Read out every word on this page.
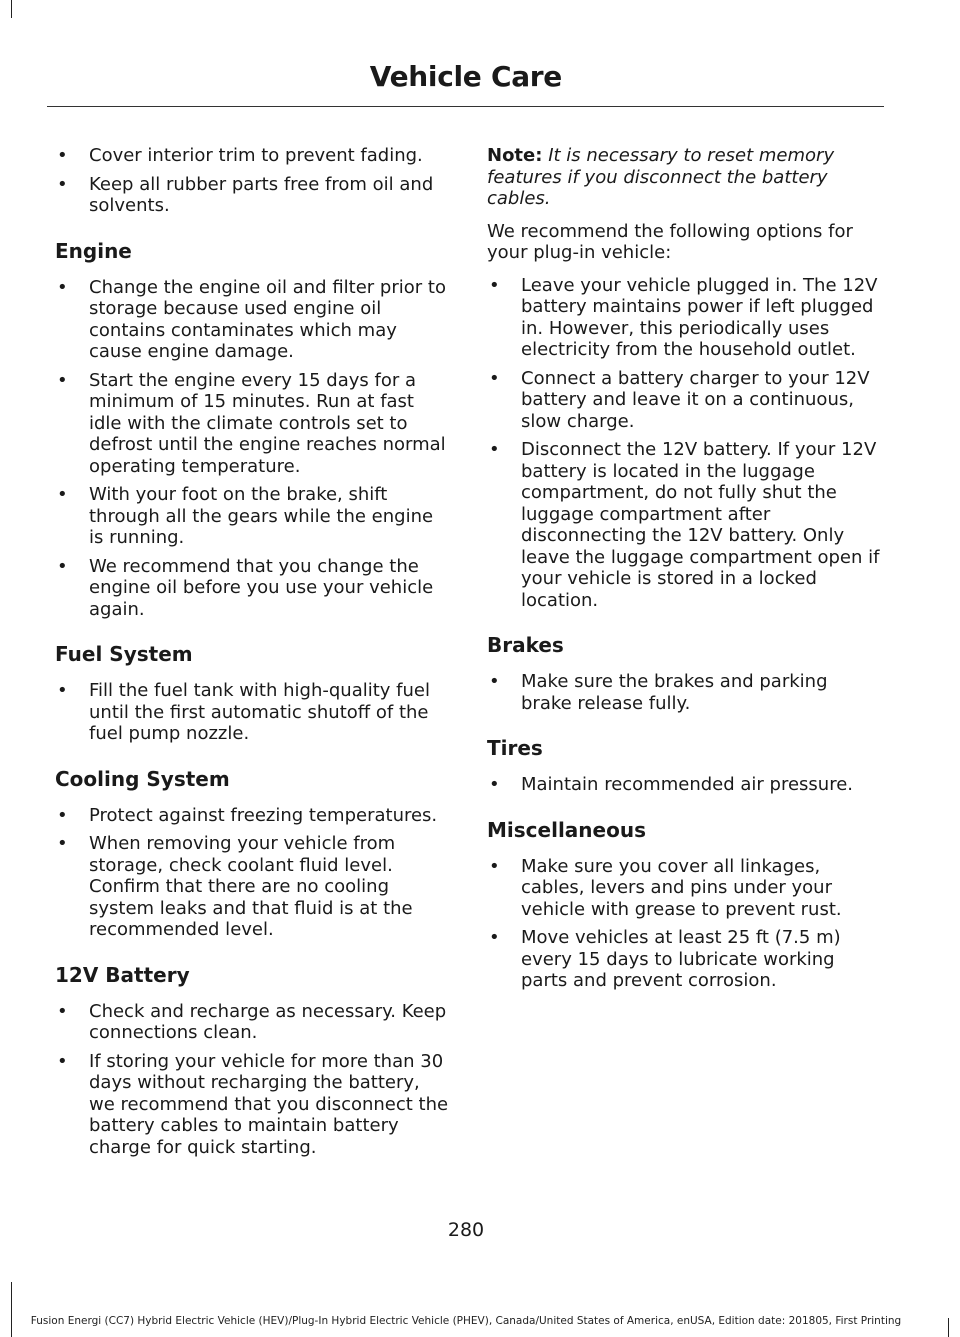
Vehicle Care
• Cover interior trim to prevent fading.
• Keep all rubber parts free from oil and solvents.
Engine
• Change the engine oil and filter prior to storage because used engine oil contains contaminates which may cause engine damage.
• Start the engine every 15 days for a minimum of 15 minutes. Run at fast idle with the climate controls set to defrost until the engine reaches normal operating temperature.
• With your foot on the brake, shift through all the gears while the engine is running.
• We recommend that you change the engine oil before you use your vehicle again.
Fuel System
• Fill the fuel tank with high-quality fuel until the first automatic shutoff of the fuel pump nozzle.
Cooling System
• Protect against freezing temperatures.
• When removing your vehicle from storage, check coolant fluid level. Confirm that there are no cooling system leaks and that fluid is at the recommended level.
12V Battery
• Check and recharge as necessary. Keep connections clean.
• If storing your vehicle for more than 30 days without recharging the battery, we recommend that you disconnect the battery cables to maintain battery charge for quick starting.

Note: It is necessary to reset memory features if you disconnect the battery cables.

We recommend the following options for your plug-in vehicle:

• Leave your vehicle plugged in. The 12V battery maintains power if left plugged in. However, this periodically uses electricity from the household outlet.
• Connect a battery charger to your 12V battery and leave it on a continuous, slow charge.
• Disconnect the 12V battery. If your 12V battery is located in the luggage compartment, do not fully shut the luggage compartment after disconnecting the 12V battery. Only leave the luggage compartment open if your vehicle is stored in a locked location.
Brakes
• Make sure the brakes and parking brake release fully.
Tires
• Maintain recommended air pressure.
Miscellaneous
• Make sure you cover all linkages, cables, levers and pins under your vehicle with grease to prevent rust.
• Move vehicles at least 25 ft (7.5 m) every 15 days to lubricate working parts and prevent corrosion.
280
Fusion Energi (CC7) Hybrid Electric Vehicle (HEV)/Plug-In Hybrid Electric Vehicle (PHEV), Canada/United States of America, enUSA, Edition date: 201805, First Printing
